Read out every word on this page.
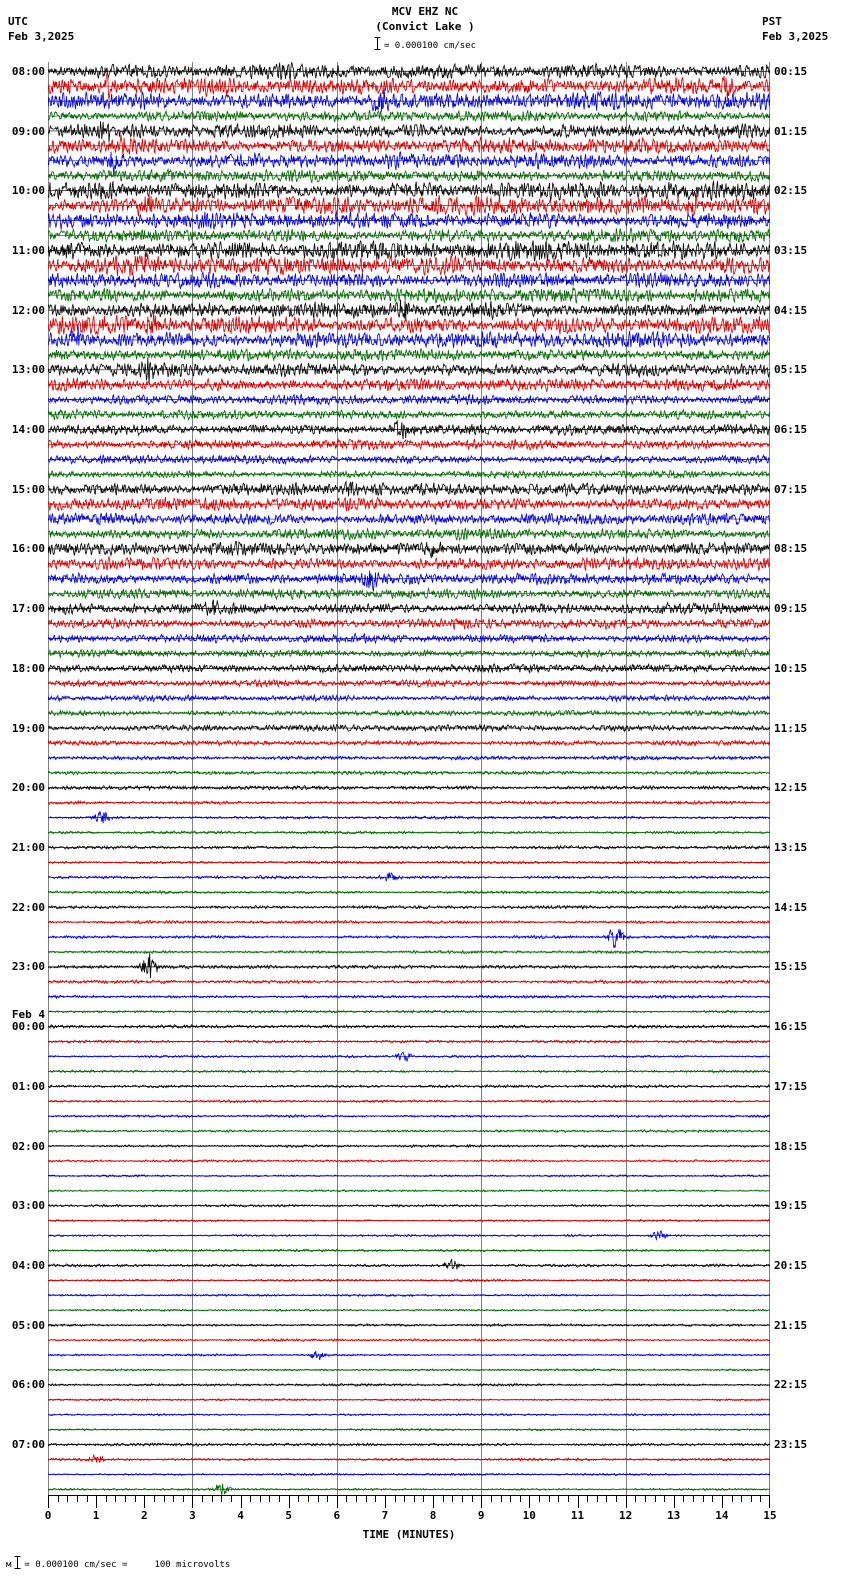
UTC
Feb 3,2025
MCV EHZ NC
(Convict Lake )
= 0.000100 cm/sec
PST
Feb 3,2025
08:00
09:00
10:00
11:00
12:00
13:00
14:00
15:00
16:00
17:00
18:00
19:00
20:00
21:00
22:00
23:00
Feb 4
00:00
01:00
02:00
03:00
04:00
05:00
06:00
07:00
00:15
01:15
02:15
03:15
04:15
05:15
06:15
07:15
08:15
09:15
10:15
11:15
12:15
13:15
14:15
15:15
16:15
17:15
18:15
19:15
20:15
21:15
22:15
23:15
0	1	2	3	4	5	6	7	8	9	10	11	12	13	14	15
TIME (MINUTES)
м = 0.000100 cm/sec =     100 microvolts
